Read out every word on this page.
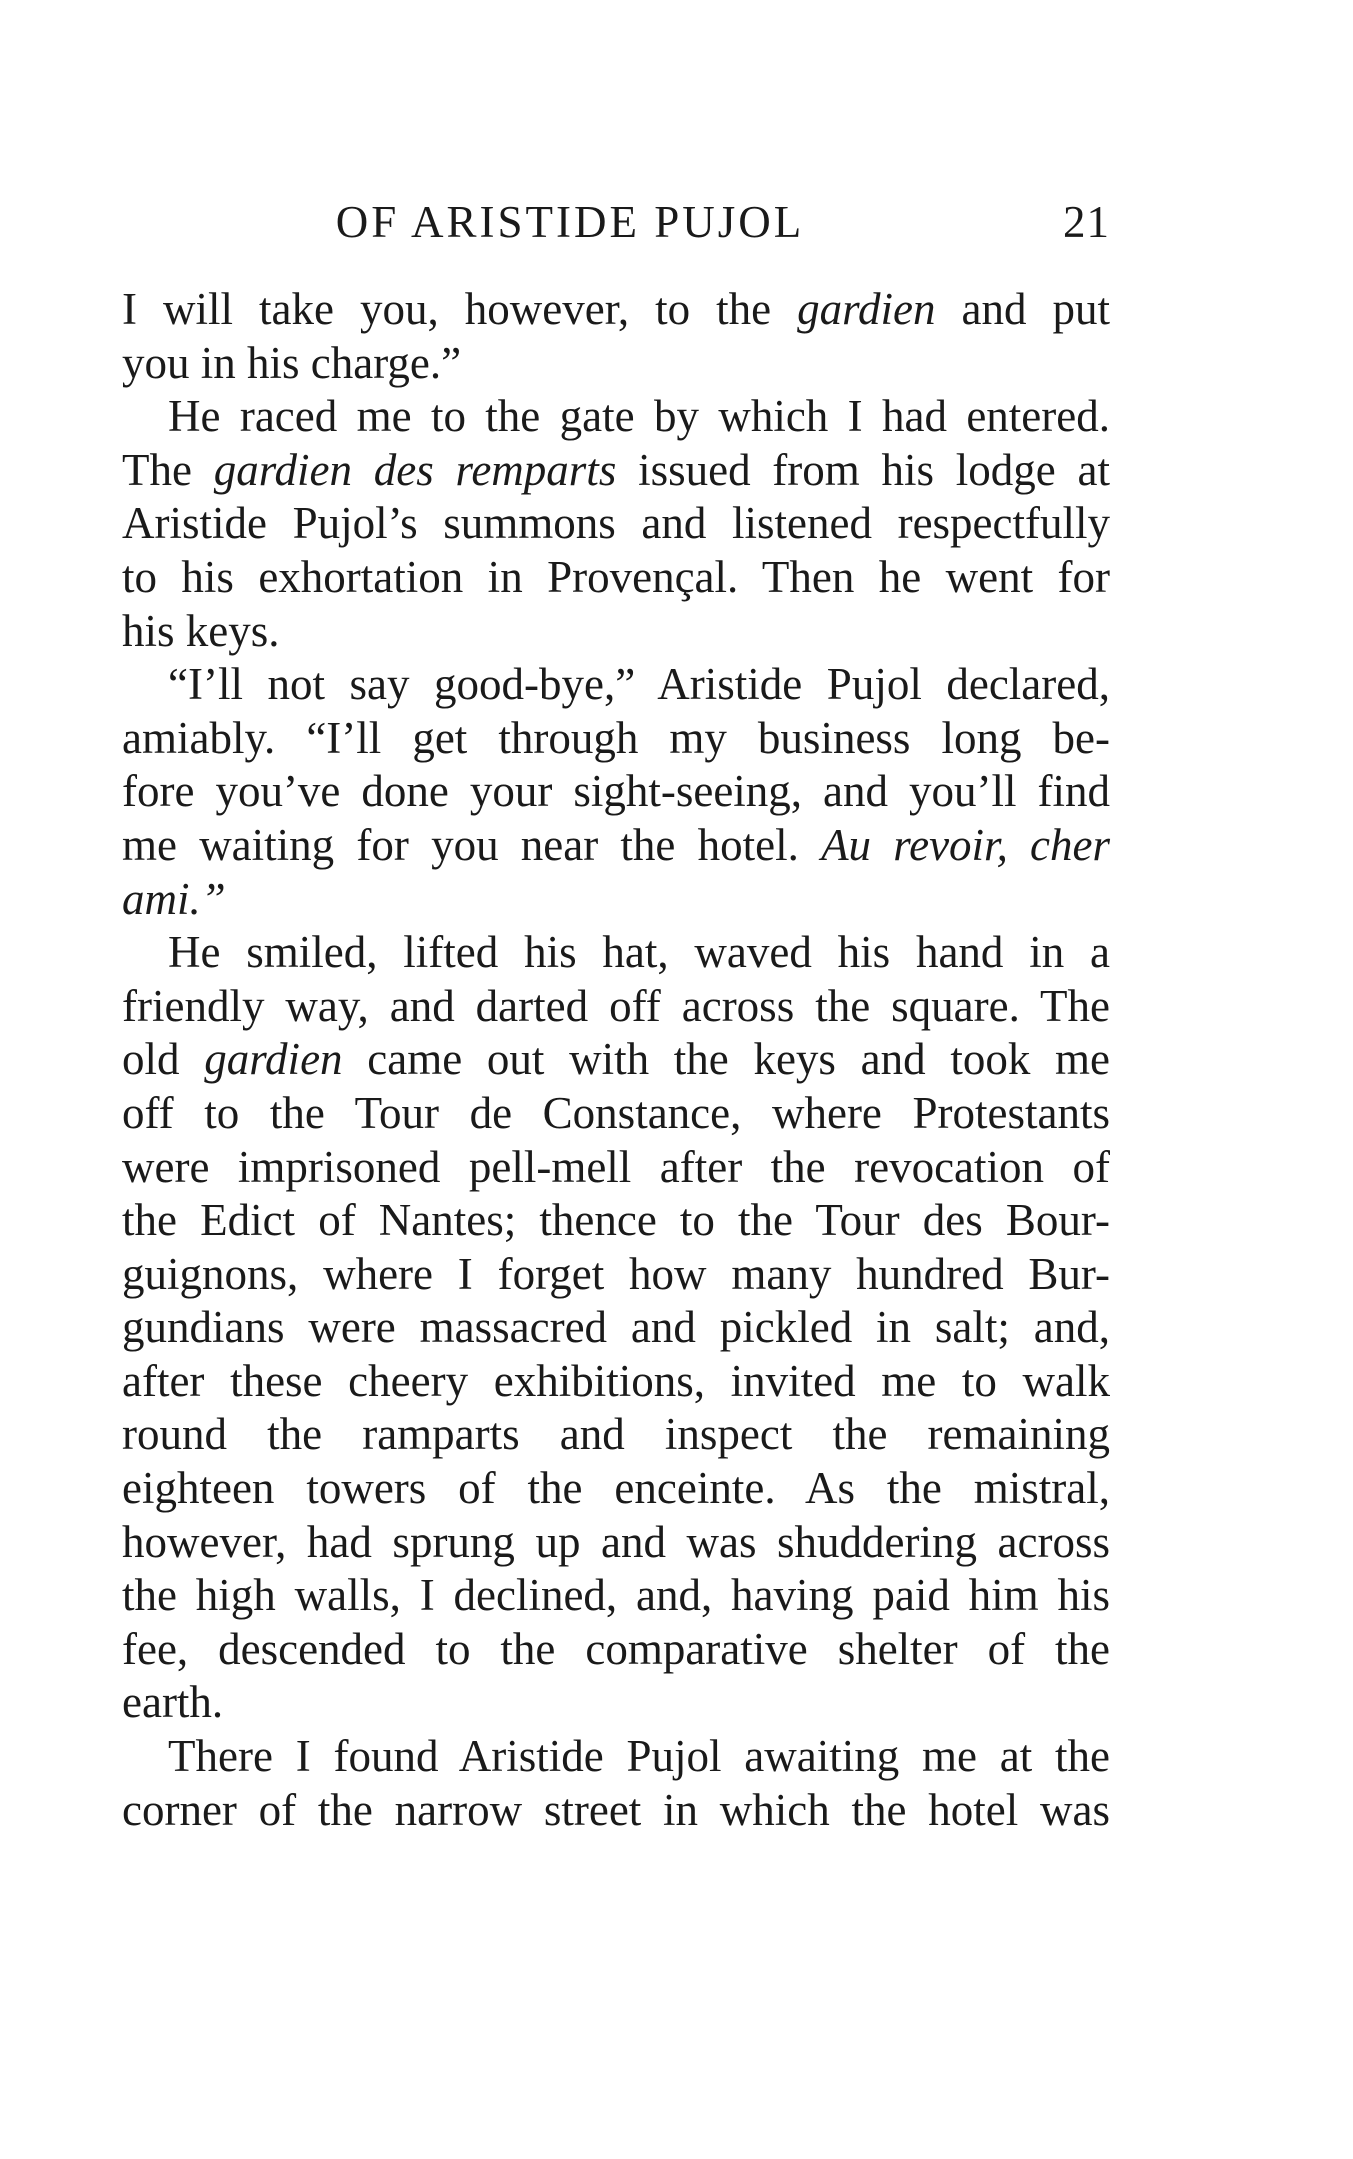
OF ARISTIDE PUJOL	21
I will take you, however, to the gardien and put
you in his charge.”
He raced me to the gate by which I had entered.
The gardien des remparts issued from his lodge at
Aristide Pujol’s summons and listened respectfully
to his exhortation in Provençal. Then he went for
his keys.
“I’ll not say good-bye,” Aristide Pujol declared,
amiably. “I’ll get through my business long be-
fore you’ve done your sight-seeing, and you’ll find
me waiting for you near the hotel. Au revoir, cher
ami.”
He smiled, lifted his hat, waved his hand in a
friendly way, and darted off across the square. The
old gardien came out with the keys and took me
off to the Tour de Constance, where Protestants
were imprisoned pell-mell after the revocation of
the Edict of Nantes; thence to the Tour des Bour-
guignons, where I forget how many hundred Bur-
gundians were massacred and pickled in salt; and,
after these cheery exhibitions, invited me to walk
round the ramparts and inspect the remaining
eighteen towers of the enceinte. As the mistral,
however, had sprung up and was shuddering across
the high walls, I declined, and, having paid him his
fee, descended to the comparative shelter of the
earth.
There I found Aristide Pujol awaiting me at the
corner of the narrow street in which the hotel was
